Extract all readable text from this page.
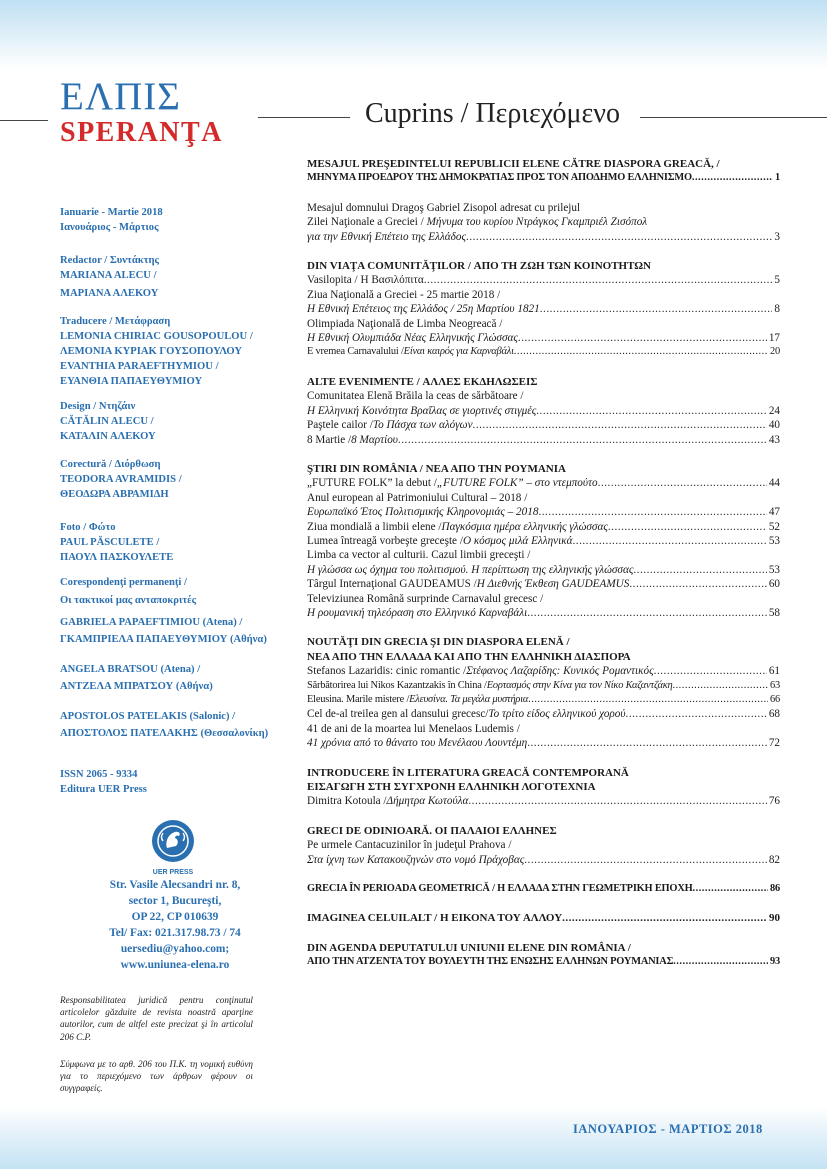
ΕΛΠΙΣ
SPERANŢA
Cuprins / Περιεχόμενο
Ianuarie - Martie 2018
Ιανουάριος - Μάρτιος
Redactor / Συντάκτης
MARIANA ALECU /
ΜΑΡΙΑΝΑ ΑΛΕΚΟΥ
Traducere / Μετάφραση
LEMONIA CHIRIAC GOUSOPOULOU /
ΛΕΜΟΝΙΑ ΚΥΡΙΑΚ ΓΟΥΣΟΠΟΥΛΟΥ
EVANTHIA PARAEFTHYMIOU /
ΕΥΑΝΘΙΑ ΠΑΠΑΕΥΘΥΜΙΟΥ
Design / Ντηζάιν
CĂTĂLIN ALECU /
ΚΑΤΑΛΙΝ ΑΛΕΚΟΥ
Corectură / Διόρθωση
TEODORA AVRAMIDIS /
ΘΕΟΔΩΡΑ ΑΒΡΑΜΙΔΗ
Foto / Φώτο
PAUL PĂSCULETE /
ΠΑΟΥΛ ΠΑΣΚΟΥΛΕΤΕ
Corespondenţi permanenţi /
Οι τακτικοί μας ανταποκριτές
GABRIELA PAPAEFTIMIOU (Atena) /
ΓΚΑΜΠΡΙΕΛΑ ΠΑΠΑΕΥΘΥΜΙΟΥ (Αθήνα)
ANGELA BRATSOU (Atena) /
ΑΝΤΖΕΛΑ ΜΠΡΑΤΣΟΥ (Αθήνα)
APOSTOLOS PATELAKIS (Salonic) /
ΑΠΟΣΤΟΛΟΣ ΠΑΤΕΛΑΚΗΣ (Θεσσαλονίκη)
ISSN 2065 - 9334
Editura UER Press
UER PRESS
Str. Vasile Alecsandri nr. 8,
sector 1, Bucureşti,
OP 22, CP 010639
Tel/ Fax: 021.317.98.73 / 74
uersediu@yahoo.com;
www.uniunea-elena.ro
Responsabilitatea juridică pentru conţinutul articolelor găzduite de revista noastră aparţine autorilor, cum de altfel este precizat şi în articolul 206 C.P.
Σύμφωνα με το αρθ. 206 του Π.Κ. τη νομική ευθύνη για το περιεχόμενο των άρθρων φέρουν οι συγγραφείς.
MESAJUL PREŞEDINTELUI REPUBLICII ELENE CĂTRE DIASPORA GREACĂ, /
ΜΗΝΥΜΑ ΠΡΟΕΔΡΟΥ ΤΗΣ ΔΗΜΟΚΡΑΤΙΑΣ ΠΡΟΣ ΤΟΝ ΑΠΟΔΗΜΟ ΕΛΛΗΝΙΣΜΟ .....	1
Mesajul domnului Dragoş Gabriel Zisopol adresat cu prilejul
Zilei Naţionale a Greciei / Μήνυμα του κυρίου Ντράγκος Γκαμπριέλ Ζισόπολ
για την Εθνική Επέτειο της Ελλάδος .....	3
DIN VIAŢA COMUNITĂŢILOR / ΑΠΟ ΤΗ ΖΩΗ ΤΩΝ ΚΟΙΝΟΤΗΤΩΝ
Vasilopita / Η Βασιλόπιτα .....	5
Ziua Naţională a Greciei - 25 martie 2018 /
Η Εθνική Επέτειος της Ελλάδος / 25η Μαρτίου 1821 .....	8
Olimpiada Naţională de Limba Neogreacă /
Η Εθνική Ολυμπιάδα Νέας Ελληνικής Γλώσσας .....	17
E vremea Carnavalului / Είναι καιρός για Καρναβάλι .....	20
ALTE EVENIMENTE / ΑΛΛΕΣ ΕΚΔΗΛΩΣΕΙΣ
Comunitatea Elenă Brăila la ceas de sărbătoare /
Η Ελληνική Κοινότητα Βραΐλας σε γιορτινές στιγμές .....	24
Paştele cailor / Το Πάσχα των αλόγων .....	40
8 Martie / 8 Μαρτίου .....	43
ŞTIRI DIN ROMÂNIA / ΝΕΑ ΑΠΟ ΤΗΝ ΡΟΥΜΑΝΙΑ
„FUTURE FOLK” la debut / „FUTURE FOLK” – στο ντεμπούτο .....	44
Anul european al Patrimoniului Cultural – 2018 /
Ευρωπαϊκό Έτος Πολιτισμικής Κληρονομιάς – 2018 .....	47
Ziua mondială a limbii elene / Παγκόσμια ημέρα ελληνικής γλώσσας .....	52
Lumea întreagă vorbeşte greceşte / Ο κόσμος μιλά Ελληνικά .....	53
Limba ca vector al culturii. Cazul limbii greceşti /
Η γλώσσα ως όχημα του πολιτισμού. Η περίπτωση της ελληνικής γλώσσας .....	53
Târgul Internaţional GAUDEAMUS / Η Διεθνής Έκθεση GAUDEAMUS .....	60
Televiziunea Română surprinde Carnavalul grecesc /
Η ρουμανική τηλεόραση στο Ελληνικό Καρναβάλι .....	58
NOUTĂŢI DIN GRECIA ŞI DIN DIASPORA ELENĂ /
ΝΕΑ ΑΠΟ ΤΗΝ ΕΛΛΑΔΑ ΚΑΙ ΑΠΟ ΤΗΝ ΕΛΛΗΝΙΚΗ ΔΙΑΣΠΟΡΑ
Stefanos Lazaridis: cinic romantic / Στέφανος Λαζαρίδης: Κυνικός Ρομαντικός .....	61
Sărbătorirea lui Nikos Kazantzakis în China / Εορτασμός στην Κίνα για τον Νίκο Καζαντζάκη .....	63
Eleusina. Marile mistere / Ελευσίνα. Τα μεγάλα μυστήρια .....	66
Cel de-al treilea gen al dansului grecesc/ Το τρίτο είδος ελληνικού χορού .....	68
41 de ani de la moartea lui Menelaos Ludemis /
41 χρόνια από το θάνατο του Μενέλαου Λουντέμη .....	72
INTRODUCERE ÎN LITERATURA GREACĂ CONTEMPORANĂ
ΕΙΣΑΓΩΓΗ ΣΤΗ ΣΥΓΧΡΟΝΗ ΕΛΛΗΝΙΚΗ ΛΟΓΟΤΕΧΝΙΑ
Dimitra Kotoula / Δήμητρα Κωτούλα .....	76
GRECI DE ODINIOARĂ. ΟΙ ΠΑΛΑΙΟΙ ΕΛΛΗΝΕΣ
Pe urmele Cantacuzinilor în judeţul Prahova /
Στα ίχνη των Κατακουζηνών στο νομό Πράχοβας .....	82
GRECIA ÎN PERIOADA GEOMETRICĂ / Η ΕΛΛΑΔΑ ΣΤΗΝ ΓΕΩΜΕΤΡΙΚΗ ΕΠΟΧΗ .....	86
IMAGINEA CELUILALT / Η ΕΙΚΟΝΑ ΤΟΥ ΑΛΛΟΥ .....	90
DIN AGENDA DEPUTATULUI UNIUNII ELENE DIN ROMÂNIA /
ΑΠΟ ΤΗΝ ΑΤΖΕΝΤΑ ΤΟΥ ΒΟΥΛΕΥΤΗ ΤΗΣ ΕΝΩΣΗΣ ΕΛΛΗΝΩΝ ΡΟΥΜΑΝΙΑΣ .....	93
ΙΑΝΟΥΑΡΙΟΣ - ΜΑΡΤΙΟΣ 2018
